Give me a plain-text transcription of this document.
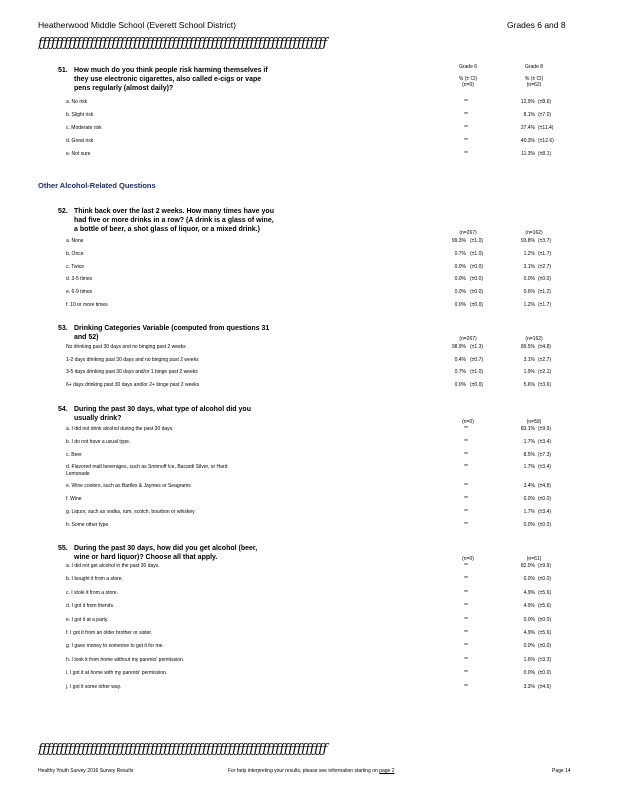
Heatherwood Middle School (Everett School District)	Grades 6 and 8
ƒƒƒƒƒƒƒƒƒƒƒƒƒƒƒƒƒƒƒƒƒƒƒƒƒƒƒƒƒƒƒƒƒƒƒƒƒƒƒƒƒƒƒƒƒƒƒƒƒƒƒƒƒƒƒƒƒƒƒƒƒƒƒƒƒƒƒ
51. How much do you think people risk harming themselves if
they use electronic cigarettes, also called e-cigs or vape
pens regularly (almost daily)?
Grade 6
% (± CI)
(n=0)
Grade 8
% (± CI)
(n=62)
a. No risk	**	12.9% (±8.6)
b. Slight risk	**	8.1% (±7.0)
c. Moderate risk	**	27.4% (±11.4)
d. Great risk	**	40.3% (±12.6)
e. Not sure	**	11.3% (±8.1)
Other Alcohol-Related Questions
52. Think back over the last 2 weeks. How many times have you
had five or more drinks in a row? (A drink is a glass of wine,
a bottle of beer, a shot glass of liquor, or a mixed drink.)	(n=267)	(n=162)
a. None	99.3% (±1.0)	93.8% (±3.7)
b. Once	0.7% (±1.0)	1.2% (±1.7)
c. Twice	0.0% (±0.0)	3.1% (±2.7)
d. 3-5 times	0.0% (±0.0)	0.0% (±0.0)
e. 6-9 times	0.0% (±0.0)	0.6% (±1.2)
f. 10 or more times	0.0% (±0.0)	1.2% (±1.7)
53. Drinking Categories Variable (computed from questions 31
and 52)	(n=267)	(n=162)
No drinking past 30 days and no binging past 2 weeks	98.9% (±1.3)	89.5% (±4.8)
1-2 days drinking past 30 days and no binging past 2 weeks	0.4% (±0.7)	3.1% (±2.7)
3-5 days drinking past 30 days and/or 1 binge past 2 weeks	0.7% (±1.0)	1.9% (±2.1)
6+ days drinking past 30 days and/or 2+ binge past 2 weeks	0.0% (±0.0)	5.6% (±3.6)
54. During the past 30 days, what type of alcohol did you
usually drink?	(n=0)	(n=59)
a. I did not drink alcohol during the past 30 days.	**	83.1% (±9.9)
b. I do not have a usual type.	**	1.7% (±3.4)
c. Beer	**	8.5% (±7.3)
d. Flavored malt beverages, such as Smirnoff Ice, Bacardi Silver, or Hard
Lemonade
**	1.7% (±3.4)
e. Wine coolers, such as Bartles & Jaymes or Seagrams	**	3.4% (±4.8)
f. Wine	**	0.0% (±0.0)
g. Liquor, such as vodka, rum, scotch, bourbon or whiskey	**	1.7% (±3.4)
h. Some other type	**	0.0% (±0.0)
55. During the past 30 days, how did you get alcohol (beer,
wine or hard liquor)? Choose all that apply.	(n=0)	(n=61)
a. I did not get alcohol in the past 30 days.	**	82.0% (±9.9)
b. I bought it from a store.	**	0.0% (±0.0)
c. I stole it from a store.	**	4.9% (±5.6)
d. I got it from friends.	**	4.9% (±5.6)
e. I got it at a party.	**	0.0% (±0.0)
f. I got it from an older brother or sister.	**	4.9% (±5.6)
g. I gave money to someone to get it for me.	**	0.0% (±0.0)
h. I took it from home without my parents' permission.	**	1.6% (±3.3)
i. I got it at home with my parents' permission.	**	0.0% (±0.0)
j. I got it some other way.	**	3.3% (±4.6)
ƒƒƒƒƒƒƒƒƒƒƒƒƒƒƒƒƒƒƒƒƒƒƒƒƒƒƒƒƒƒƒƒƒƒƒƒƒƒƒƒƒƒƒƒƒƒƒƒƒƒƒƒƒƒƒƒƒƒƒƒƒƒƒƒƒƒƒ
Healthy Youth Survey 2016 Survey Results	For help interpreting your results, please see information starting on page 2	Page 14
